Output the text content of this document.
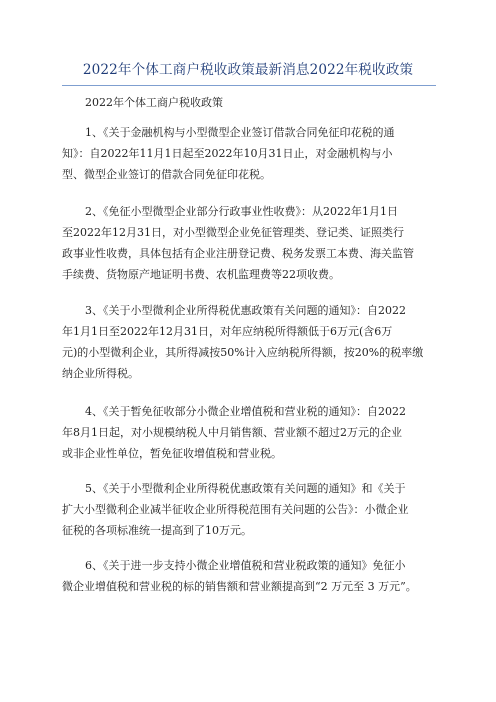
2022年个体工商户税收政策最新消息2022年税收政策
2022年个体工商户税收政策
1、《关于金融机构与小型微型企业签订借款合同免征印花税的通
知》：自2022年11月1日起至2022年10月31日止，对金融机构与小
型、微型企业签订的借款合同免征印花税。
2、《免征小型微型企业部分行政事业性收费》：从2022年1月1日
至2022年12月31日，对小型微型企业免征管理类、登记类、证照类行
政事业性收费，具体包括有企业注册登记费、税务发票工本费、海关监管
手续费、货物原产地证明书费、农机监理费等22项收费。
3、《关于小型微利企业所得税优惠政策有关问题的通知》：自2022
年1月1日至2022年12月31日，对年应纳税所得额低于6万元(含6万
元)的小型微利企业，其所得减按50%计入应纳税所得额，按20%的税率缴
纳企业所得税。
4、《关于暂免征收部分小微企业增值税和营业税的通知》：自2022
年8月1日起，对小规模纳税人中月销售额、营业额不超过2万元的企业
或非企业性单位，暂免征收增值税和营业税。
5、《关于小型微利企业所得税优惠政策有关问题的通知》和《关于
扩大小型微利企业减半征收企业所得税范围有关问题的公告》：小微企业
征税的各项标准统一提高到了10万元。
6、《关于进一步支持小微企业增值税和营业税政策的通知》免征小
微企业增值税和营业税的标的销售额和营业额提高到“2 万元至 3 万元”。
